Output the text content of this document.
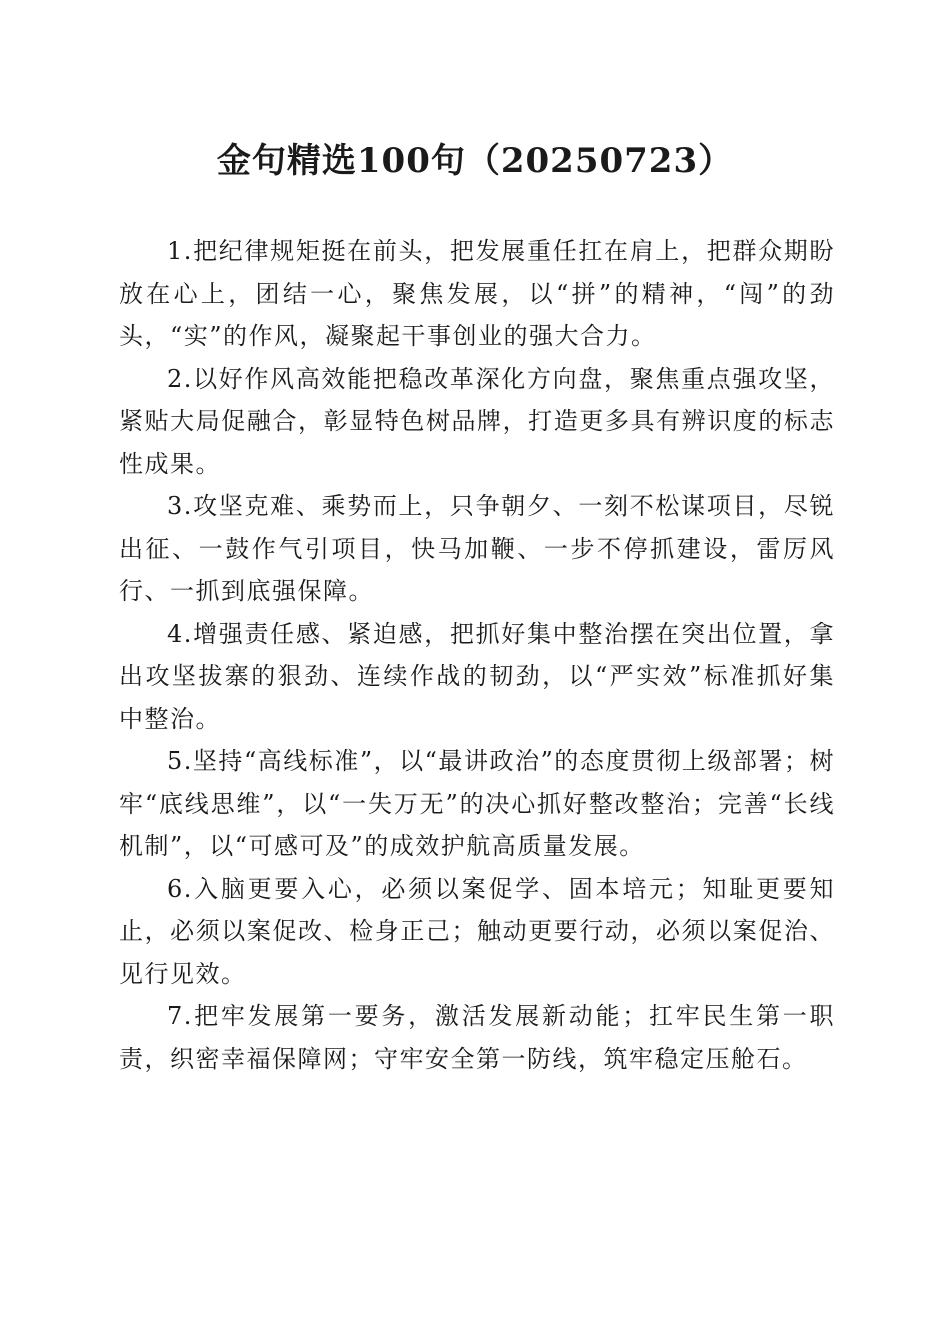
金句精选100句（20250723）

1.把纪律规矩挺在前头，把发展重任扛在肩上，把群众期盼放在心上，团结一心，聚焦发展，以“拼”的精神，“闯”的劲头，“实”的作风，凝聚起干事创业的强大合力。

2.以好作风高效能把稳改革深化方向盘，聚焦重点强攻坚，紧贴大局促融合，彰显特色树品牌，打造更多具有辨识度的标志性成果。

3.攻坚克难、乘势而上，只争朝夕、一刻不松谋项目，尽锐出征、一鼓作气引项目，快马加鞭、一步不停抓建设，雷厉风行、一抓到底强保障。

4.增强责任感、紧迫感，把抓好集中整治摆在突出位置，拿出攻坚拔寨的狠劲、连续作战的韧劲，以“严实效”标准抓好集中整治。

5.坚持“高线标准”，以“最讲政治”的态度贯彻上级部署；树牢“底线思维”，以“一失万无”的决心抓好整改整治；完善“长线机制”，以“可感可及”的成效护航高质量发展。

6.入脑更要入心，必须以案促学、固本培元；知耻更要知止，必须以案促改、检身正己；触动更要行动，必须以案促治、见行见效。

7.把牢发展第一要务，激活发展新动能；扛牢民生第一职责，织密幸福保障网；守牢安全第一防线，筑牢稳定压舱石。
